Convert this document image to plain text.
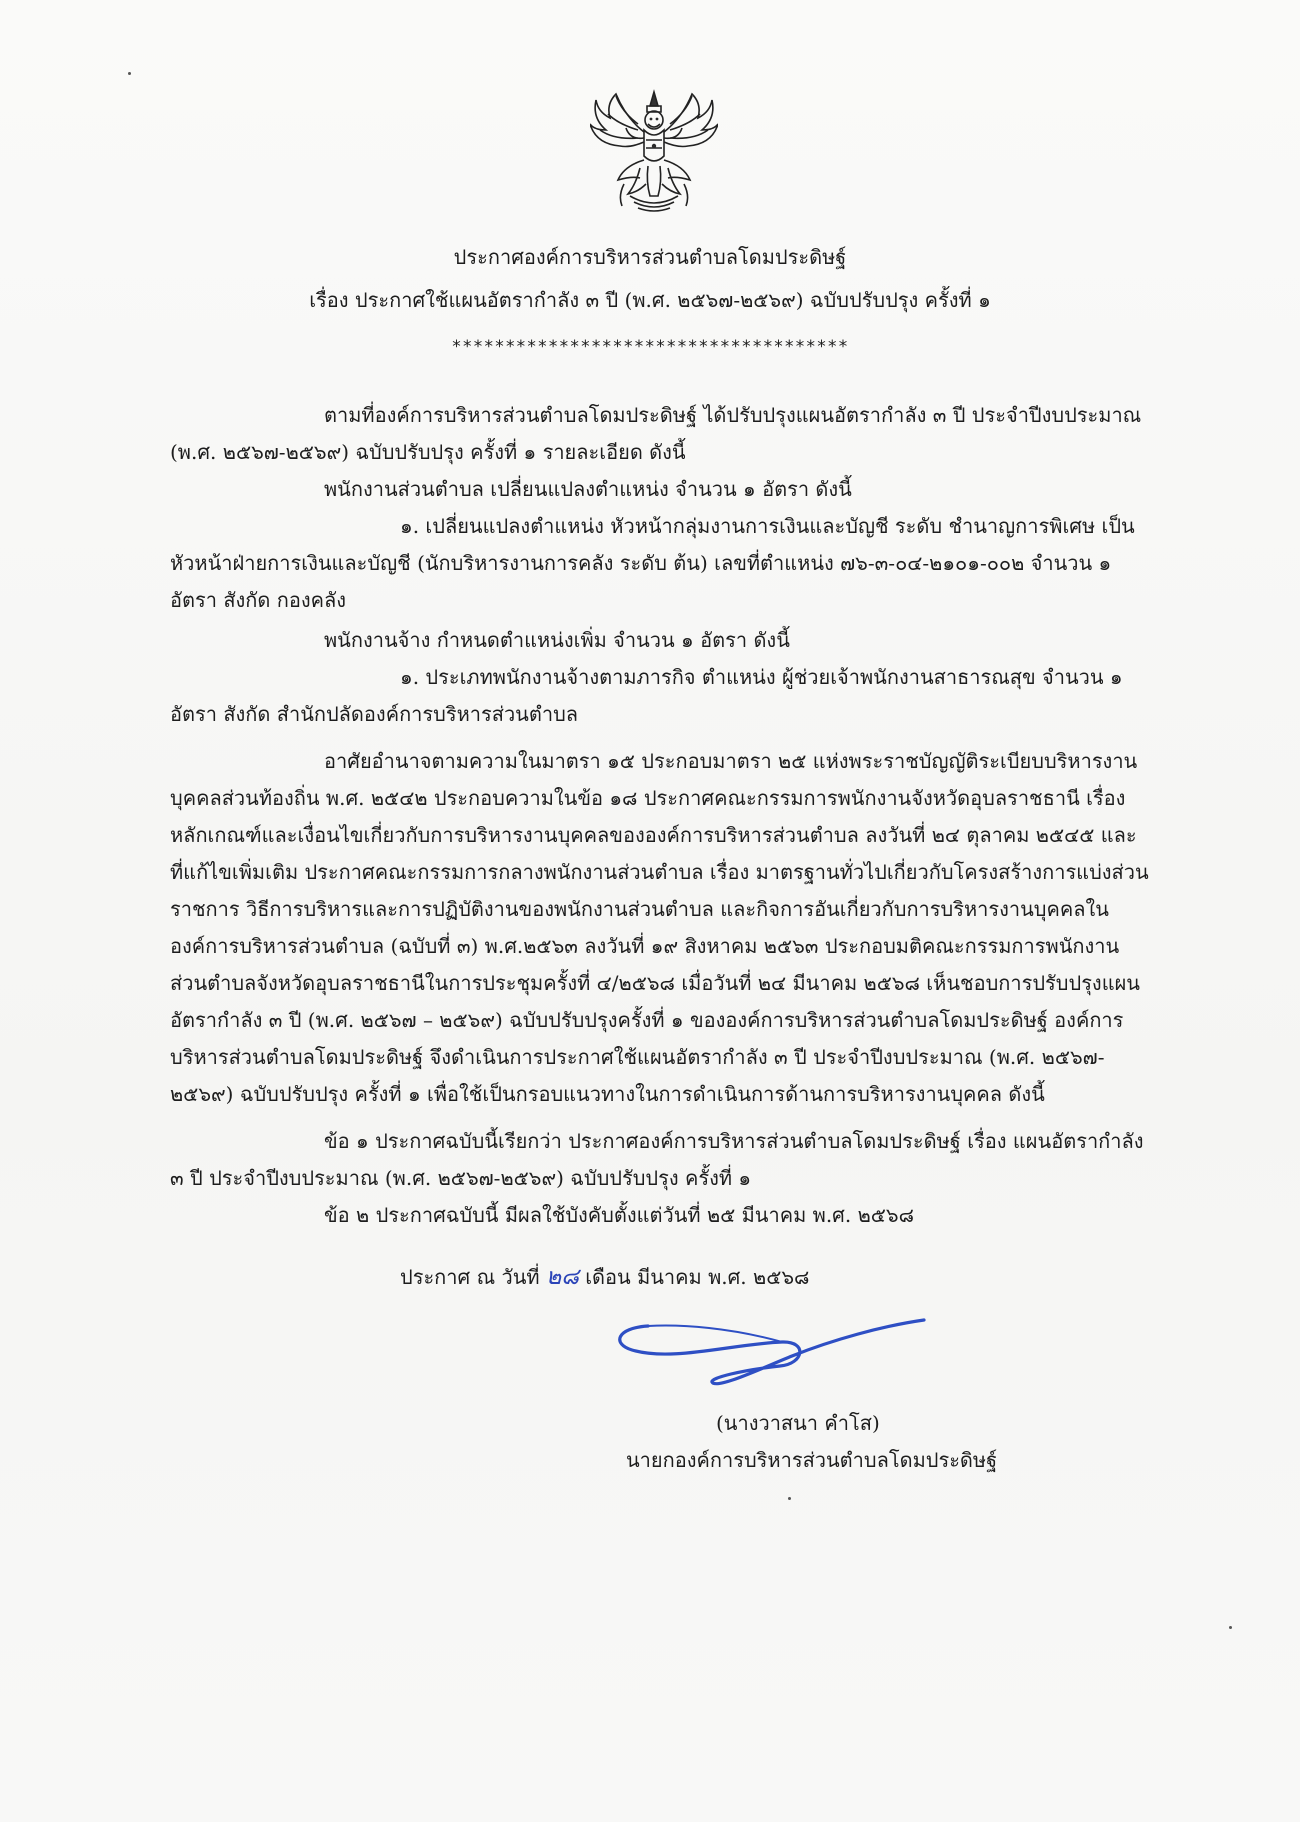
ประกาศองค์การบริหารส่วนตำบลโดมประดิษฐ์
เรื่อง ประกาศใช้แผนอัตรากำลัง ๓ ปี (พ.ศ. ๒๕๖๗-๒๕๖๙) ฉบับปรับปรุง ครั้งที่ ๑
*************************************
ตามที่องค์การบริหารส่วนตำบลโดมประดิษฐ์ ได้ปรับปรุงแผนอัตรากำลัง ๓ ปี ประจำปีงบประมาณ
(พ.ศ. ๒๕๖๗-๒๕๖๙) ฉบับปรับปรุง ครั้งที่ ๑ รายละเอียด ดังนี้
พนักงานส่วนตำบล เปลี่ยนแปลงตำแหน่ง จำนวน ๑ อัตรา ดังนี้
๑. เปลี่ยนแปลงตำแหน่ง หัวหน้ากลุ่มงานการเงินและบัญชี ระดับ ชำนาญการพิเศษ เป็น
หัวหน้าฝ่ายการเงินและบัญชี (นักบริหารงานการคลัง ระดับ ต้น) เลขที่ตำแหน่ง ๗๖-๓-๐๔-๒๑๐๑-๐๐๒ จำนวน ๑
อัตรา สังกัด กองคลัง
พนักงานจ้าง กำหนดตำแหน่งเพิ่ม จำนวน ๑ อัตรา ดังนี้
๑. ประเภทพนักงานจ้างตามภารกิจ ตำแหน่ง ผู้ช่วยเจ้าพนักงานสาธารณสุข จำนวน ๑
อัตรา สังกัด สำนักปลัดองค์การบริหารส่วนตำบล
อาศัยอำนาจตามความในมาตรา ๑๕ ประกอบมาตรา ๒๕ แห่งพระราชบัญญัติระเบียบบริหารงาน
บุคคลส่วนท้องถิ่น พ.ศ. ๒๕๔๒ ประกอบความในข้อ ๑๘ ประกาศคณะกรรมการพนักงานจังหวัดอุบลราชธานี เรื่อง
หลักเกณฑ์และเงื่อนไขเกี่ยวกับการบริหารงานบุคคลขององค์การบริหารส่วนตำบล ลงวันที่ ๒๔ ตุลาคม ๒๕๔๕ และ
ที่แก้ไขเพิ่มเติม ประกาศคณะกรรมการกลางพนักงานส่วนตำบล เรื่อง มาตรฐานทั่วไปเกี่ยวกับโครงสร้างการแบ่งส่วน
ราชการ วิธีการบริหารและการปฏิบัติงานของพนักงานส่วนตำบล และกิจการอันเกี่ยวกับการบริหารงานบุคคลใน
องค์การบริหารส่วนตำบล (ฉบับที่ ๓) พ.ศ.๒๕๖๓ ลงวันที่ ๑๙ สิงหาคม ๒๕๖๓ ประกอบมติคณะกรรมการพนักงาน
ส่วนตำบลจังหวัดอุบลราชธานีในการประชุมครั้งที่ ๔/๒๕๖๘ เมื่อวันที่ ๒๔ มีนาคม ๒๕๖๘ เห็นชอบการปรับปรุงแผน
อัตรากำลัง ๓ ปี (พ.ศ. ๒๕๖๗ – ๒๕๖๙) ฉบับปรับปรุงครั้งที่ ๑ ขององค์การบริหารส่วนตำบลโดมประดิษฐ์ องค์การ
บริหารส่วนตำบลโดมประดิษฐ์ จึงดำเนินการประกาศใช้แผนอัตรากำลัง ๓ ปี ประจำปีงบประมาณ (พ.ศ. ๒๕๖๗-
๒๕๖๙) ฉบับปรับปรุง ครั้งที่ ๑ เพื่อใช้เป็นกรอบแนวทางในการดำเนินการด้านการบริหารงานบุคคล ดังนี้
ข้อ ๑ ประกาศฉบับนี้เรียกว่า ประกาศองค์การบริหารส่วนตำบลโดมประดิษฐ์ เรื่อง แผนอัตรากำลัง
๓ ปี ประจำปีงบประมาณ (พ.ศ. ๒๕๖๗-๒๕๖๙) ฉบับปรับปรุง ครั้งที่ ๑
ข้อ ๒ ประกาศฉบับนี้ มีผลใช้บังคับตั้งแต่วันที่ ๒๕ มีนาคม พ.ศ. ๒๕๖๘
ประกาศ ณ วันที่ ๒๘ เดือน มีนาคม พ.ศ. ๒๕๖๘
(นางวาสนา คำโส)
นายกองค์การบริหารส่วนตำบลโดมประดิษฐ์
